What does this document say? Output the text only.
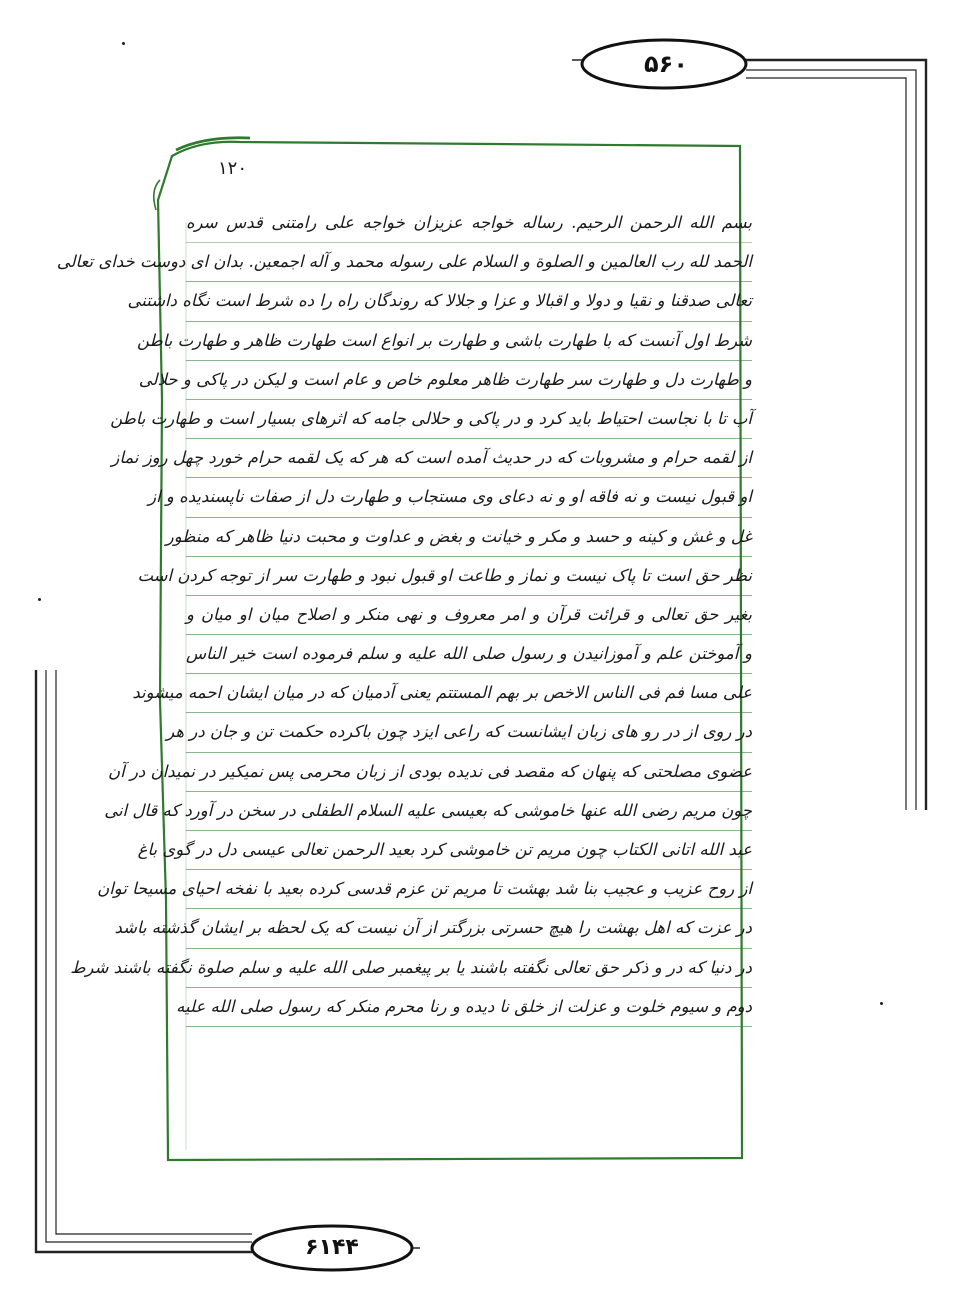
۵۶۰
۶۱۴۴
۱۲۰
بسم الله الرحمن الرحیم. رساله خواجه عزیزان خواجه علی رامتنی قدس سره
الحمد لله رب العالمین و الصلوة و السلام علی رسوله محمد و آله اجمعین. بدان ای دوست خدای تعالی
تعالی صدقنا و نقیا و دولا و اقبالا و عزا و جلالا که روندگان راه را ده شرط است نگاه داشتنی
شرط اول آنست که با طهارت باشی و طهارت بر انواع است طهارت ظاهر و طهارت باطن
و طهارت دل و طهارت سر طهارت ظاهر معلوم خاص و عام است و لیکن در پاکی و حلالی
آب تا با نجاست احتیاط باید کرد و در پاکی و حلالی جامه که اثرهای بسیار است و طهارت باطن
از لقمه حرام و مشروبات که در حدیث آمده است که هر که یک لقمه حرام خورد چهل روز نماز
او قبول نیست و نه فاقه او و نه دعای وی مستجاب و طهارت دل از صفات ناپسندیده و از
غل و غش و کینه و حسد و مکر و خیانت و بغض و عداوت و محبت دنیا ظاهر که منظور
نظر حق است تا پاک نیست و نماز و طاعت او قبول نبود و طهارت سر از توجه کردن است
بغیر حق تعالی و قرائت قرآن و امر معروف و نهی منکر و اصلاح میان او میان و
و آموختن علم و آموزانیدن و رسول صلی الله علیه و سلم فرموده است خیر الناس
علی مسا فم فی الناس الاخص بر بهم المستتم یعنی آدمیان که در میان ایشان احمه میشوند
در روی از در رو های زبان ایشانست که راعی ایزد چون باکرده حکمت تن و جان در هر
عضوی مصلحتی که پنهان که مقصد فی ندیده بودی از زبان محرمی پس نمیکیر در نمیدان در آن
چون مریم رضی الله عنها خاموشی که بعیسی علیه السلام الطفلی در سخن در آورد که قال انی
عبد الله اتانی الکتاب چون مریم تن خاموشی کرد بعید الرحمن تعالی عیسی دل در گوی باغ
از روح عزیب و عجیب بنا شد بهشت تا مریم تن عزم قدسی کرده بعید با نفخه احیای مسیحا توان
در عزت که اهل بهشت را هیچ حسرتی بزرگتر از آن نیست که یک لحظه بر ایشان گذشته باشد
در دنیا که در و ذکر حق تعالی نگفته باشند یا بر پیغمبر صلی الله علیه و سلم صلوة نگفته باشند شرط
دوم و سیوم خلوت و عزلت از خلق نا دیده و رنا محرم منکر که رسول صلی الله علیه
